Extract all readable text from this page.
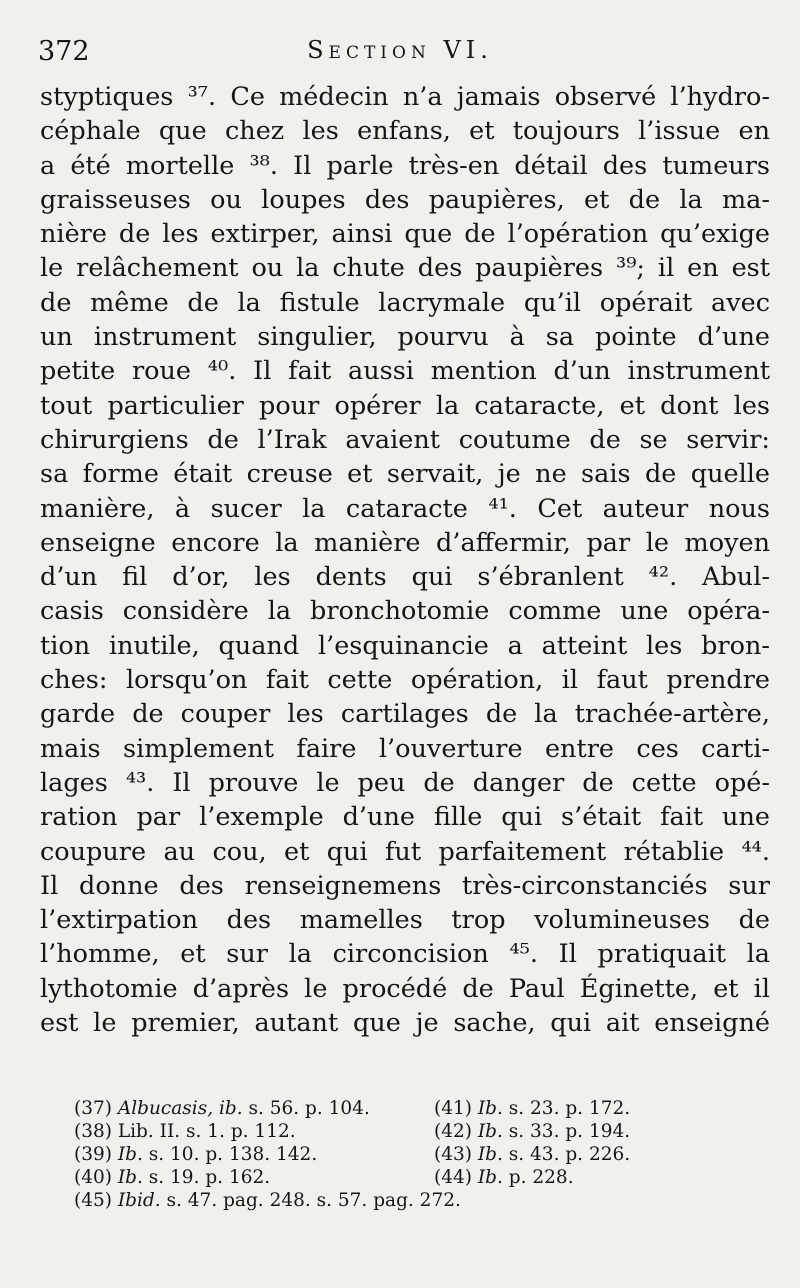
372	Section VI.
styptiques ³⁷. Ce médecin n’a jamais observé l’hydro-
céphale que chez les enfans, et toujours l’issue en
a été mortelle ³⁸. Il parle très-en détail des tumeurs
graisseuses ou loupes des paupières, et de la ma-
nière de les extirper, ainsi que de l’opération qu’exige
le relâchement ou la chute des paupières ³⁹; il en est
de même de la fistule lacrymale qu’il opérait avec
un instrument singulier, pourvu à sa pointe d’une
petite roue ⁴⁰. Il fait aussi mention d’un instrument
tout particulier pour opérer la cataracte, et dont les
chirurgiens de l’Irak avaient coutume de se servir:
sa forme était creuse et servait, je ne sais de quelle
manière, à sucer la cataracte ⁴¹. Cet auteur nous
enseigne encore la manière d’affermir, par le moyen
d’un fil d’or, les dents qui s’ébranlent ⁴². Abul-
casis considère la bronchotomie comme une opéra-
tion inutile, quand l’esquinancie a atteint les bron-
ches: lorsqu’on fait cette opération, il faut prendre
garde de couper les cartilages de la trachée-artère,
mais simplement faire l’ouverture entre ces carti-
lages ⁴³. Il prouve le peu de danger de cette opé-
ration par l’exemple d’une fille qui s’était fait une
coupure au cou, et qui fut parfaitement rétablie ⁴⁴.
Il donne des renseignemens très-circonstanciés sur
l’extirpation des mamelles trop volumineuses de
l’homme, et sur la circoncision ⁴⁵. Il pratiquait la
lythotomie d’après le procédé de Paul Éginette, et il
est le premier, autant que je sache, qui ait enseigné
(37) Albucasis, ib. s. 56. p. 104.	(41) Ib. s. 23. p. 172.
(38) Lib. II. s. 1. p. 112.	(42) Ib. s. 33. p. 194.
(39) Ib. s. 10. p. 138. 142.	(43) Ib. s. 43. p. 226.
(40) Ib. s. 19. p. 162.	(44) Ib. p. 228.
(45) Ibid. s. 47. pag. 248. s. 57. pag. 272.
